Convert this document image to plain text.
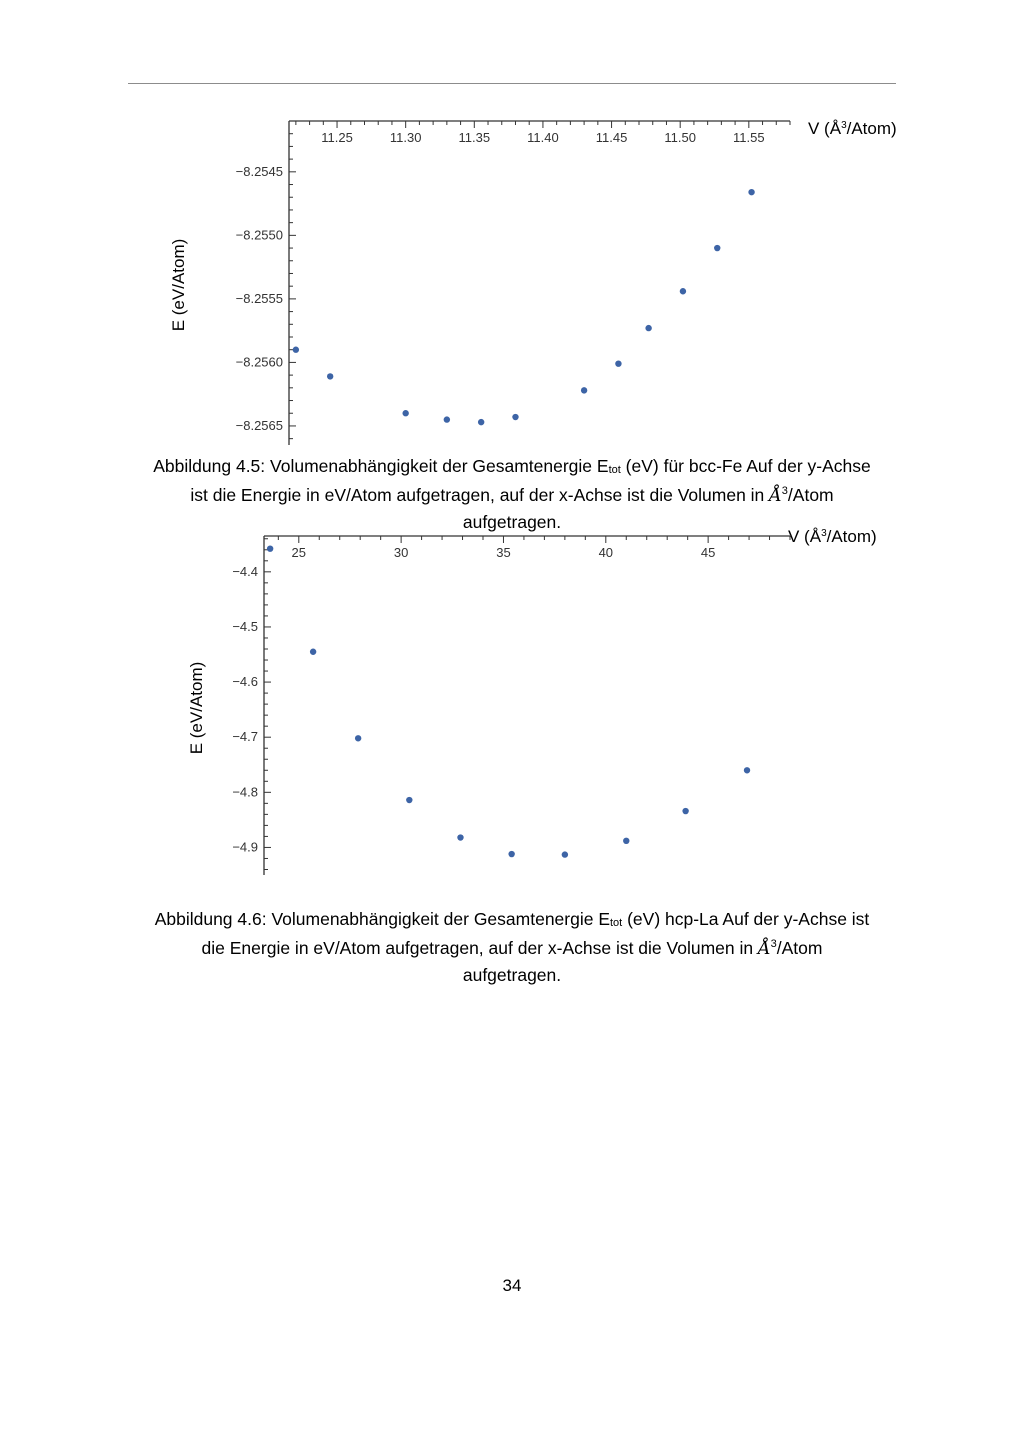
11.25	11.30	11.35	11.40	11.45	11.50	11.55
−8.2545
−8.2550
−8.2555
−8.2560
−8.2565
V $(Å^3/Atom)$
E (eV/Atom)
Abbildung 4.5: Volumenabhängigkeit der Gesamtenergie $E_{tot}$ (eV) für bcc-Fe Auf der y-Achse
ist die Energie in eV/Atom aufgetragen, auf der x-Achse ist die Volumen in $Å^3$/Atom
aufgetragen.
25	30	35	40	45
−4.4
−4.5
−4.6
−4.7
−4.8
−4.9
V $(Å^3/Atom)$
E (eV/Atom)
Abbildung 4.6: Volumenabhängigkeit der Gesamtenergie $E_{tot}$ (eV) hcp-La Auf der y-Achse ist
die Energie in eV/Atom aufgetragen, auf der x-Achse ist die Volumen in $Å^3$/Atom
aufgetragen.
34
